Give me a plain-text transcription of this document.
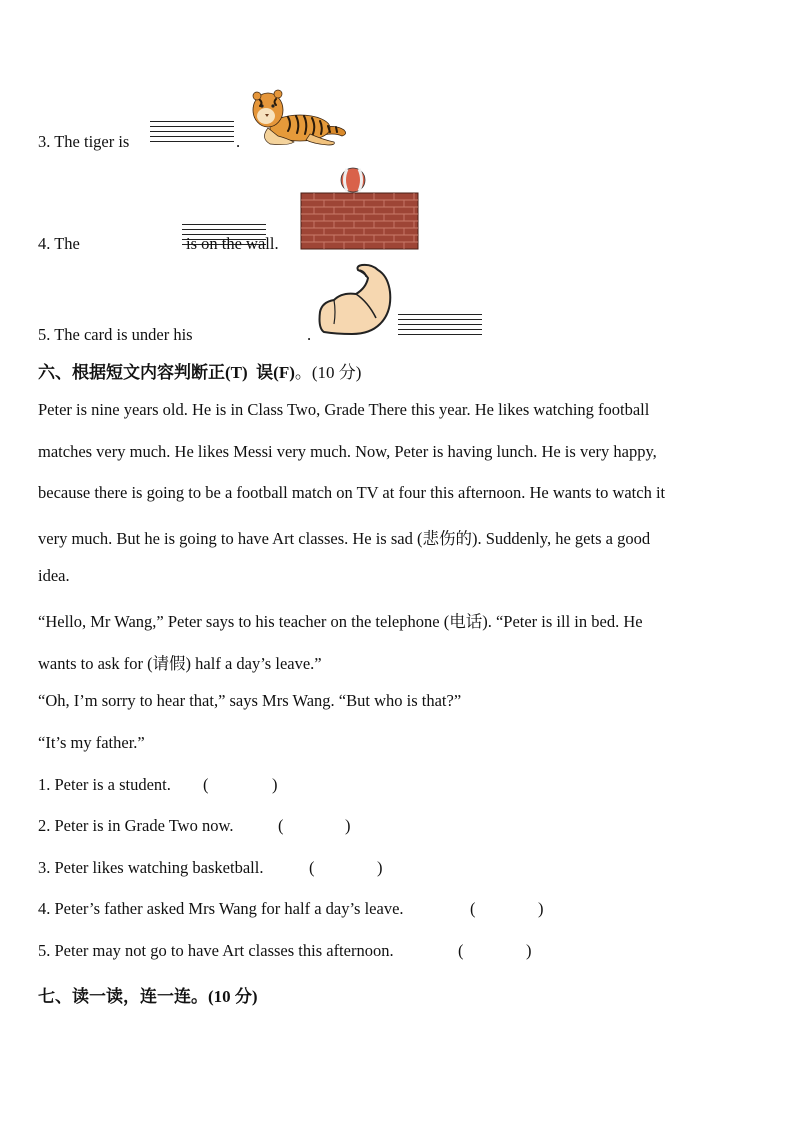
3. The tiger is
	.
4. The
	is on the wall.
5. The card is under his	.
六、根据短文内容判断正(T) 误(F)。(10 分)
Peter is nine years old. He is in Class Two, Grade There this year. He likes watching football
matches very much. He likes Messi very much. Now, Peter is having lunch. He is very happy,
because there is going to be a football match on TV at four this afternoon. He wants to watch it
very much. But he is going to have Art classes. He is sad (悲伤的). Suddenly, he gets a good
idea.
“Hello, Mr Wang,” Peter says to his teacher on the telephone (电话). “Peter is ill in bed. He
wants to ask for (请假) half a day’s leave.”
“Oh, I’m sorry to hear that,” says Mrs Wang. “But who is that?”
“It’s my father.”
1. Peter is a student. (	)
2. Peter is in Grade Two now.	(	)
3. Peter likes watching basketball.	(	)
4. Peter’s father asked Mrs Wang for half a day’s leave.	(	)
5. Peter may not go to have Art classes this afternoon.	(	)
七、读一读，连一连。(10 分)
